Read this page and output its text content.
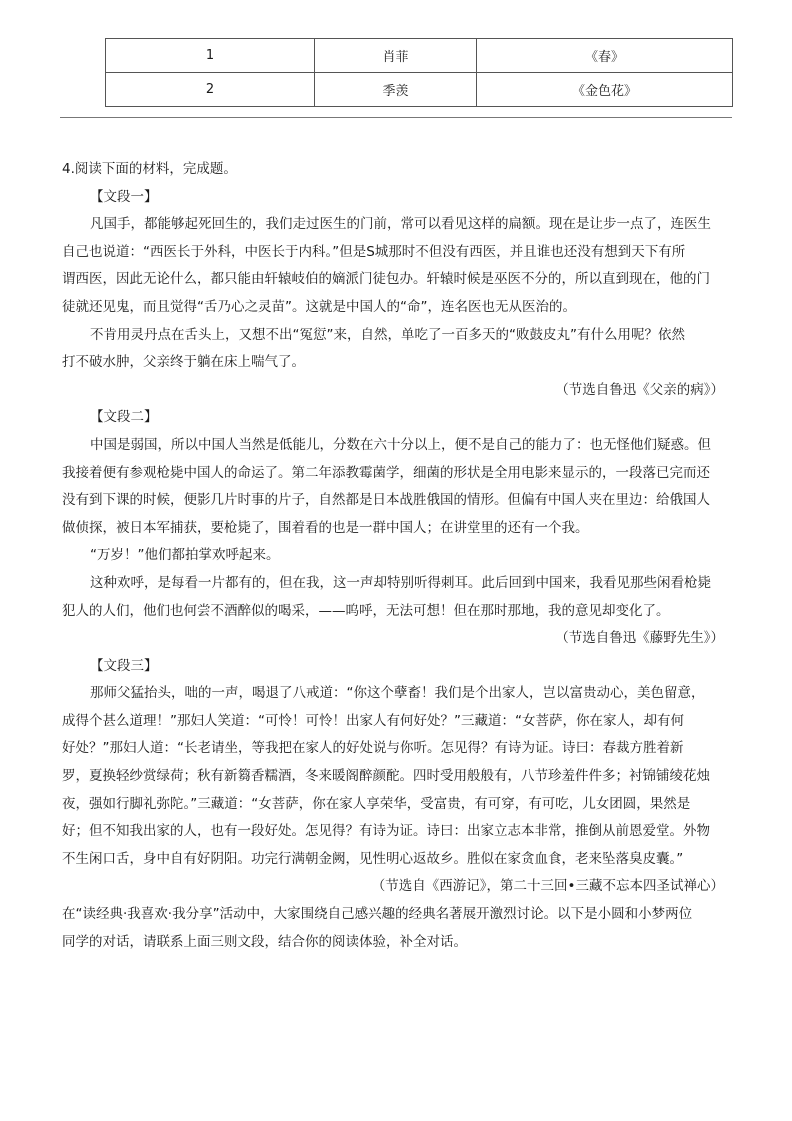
1	肖菲	《春》
2	季羡	《金色花》
4.阅读下面的材料，完成题。
【文段一】
凡国手，都能够起死回生的，我们走过医生的门前，常可以看见这样的扁额。现在是让步一点了，连医生
自己也说道：“西医长于外科，中医长于内科。”但是S城那时不但没有西医，并且谁也还没有想到天下有所
谓西医，因此无论什么，都只能由轩辕岐伯的嫡派门徒包办。轩辕时候是巫医不分的，所以直到现在，他的门
徒就还见鬼，而且觉得“舌乃心之灵苗”。这就是中国人的“命”，连名医也无从医治的。
不肯用灵丹点在舌头上，又想不出“冤愆”来，自然，单吃了一百多天的“败鼓皮丸”有什么用呢？依然
打不破水肿，父亲终于躺在床上喘气了。
（节选自鲁迅《父亲的病》）
【文段二】
中国是弱国，所以中国人当然是低能儿，分数在六十分以上，便不是自己的能力了：也无怪他们疑惑。但
我接着便有参观枪毙中国人的命运了。第二年添教霉菌学，细菌的形状是全用电影来显示的，一段落已完而还
没有到下课的时候，便影几片时事的片子，自然都是日本战胜俄国的情形。但偏有中国人夹在里边：给俄国人
做侦探，被日本军捕获，要枪毙了，围着看的也是一群中国人；在讲堂里的还有一个我。
“万岁！”他们都拍掌欢呼起来。
这种欢呼，是每看一片都有的，但在我，这一声却特别听得刺耳。此后回到中国来，我看见那些闲看枪毙
犯人的人们，他们也何尝不酒醉似的喝采，——呜呼，无法可想！但在那时那地，我的意见却变化了。
（节选自鲁迅《藤野先生》）
【文段三】
那师父猛抬头，咄的一声，喝退了八戒道：“你这个孽畜！我们是个出家人，岂以富贵动心，美色留意，
成得个甚么道理！”那妇人笑道：“可怜！可怜！出家人有何好处？”三藏道：“女菩萨，你在家人，却有何
好处？”那妇人道：“长老请坐，等我把在家人的好处说与你听。怎见得？有诗为证。诗曰：春裁方胜着新
罗，夏换轻纱赏绿荷；秋有新篘香糯酒，冬来暖阁醉颜酡。四时受用般般有，八节珍羞件件多；衬锦铺绫花烛
夜，强如行脚礼弥陀。”三藏道：“女菩萨，你在家人享荣华，受富贵，有可穿，有可吃，儿女团圆，果然是
好；但不知我出家的人，也有一段好处。怎见得？有诗为证。诗曰：出家立志本非常，推倒从前恩爱堂。外物
不生闲口舌，身中自有好阴阳。功完行满朝金阙，见性明心返故乡。胜似在家贪血食，老来坠落臭皮囊。”
（节选自《西游记》，第二十三回•三藏不忘本四圣试禅心）
在“读经典·我喜欢·我分享”活动中，大家围绕自己感兴趣的经典名著展开激烈讨论。以下是小圆和小梦两位
同学的对话，请联系上面三则文段，结合你的阅读体验，补全对话。
